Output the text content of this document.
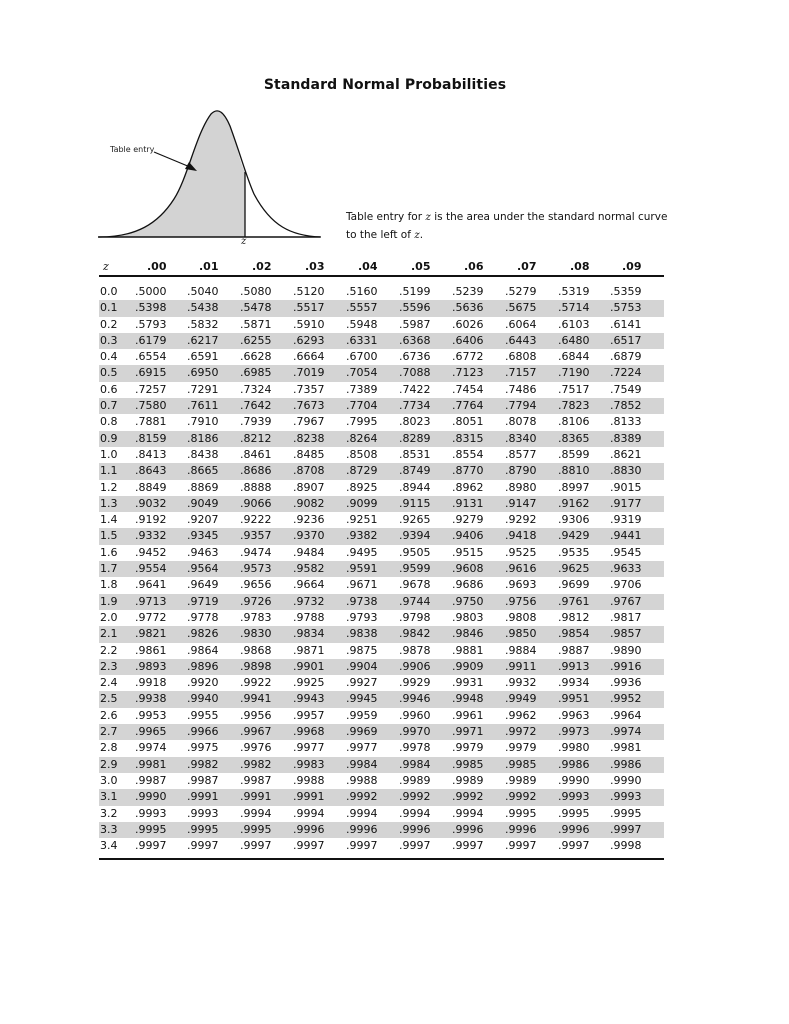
Standard Normal Probabilities
Table entry
z
Table entry for z is the area under the standard normal curve
to the left of z.
z	.00	.01	.02	.03	.04	.05	.06	.07	.08	.09
0.0 .5000 .5040 .5080 .5120 .5160 .5199 .5239 .5279 .5319 .5359
0.1 .5398 .5438 .5478 .5517 .5557 .5596 .5636 .5675 .5714 .5753
0.2 .5793 .5832 .5871 .5910 .5948 .5987 .6026 .6064 .6103 .6141
0.3 .6179 .6217 .6255 .6293 .6331 .6368 .6406 .6443 .6480 .6517
0.4 .6554 .6591 .6628 .6664 .6700 .6736 .6772 .6808 .6844 .6879
0.5 .6915 .6950 .6985 .7019 .7054 .7088 .7123 .7157 .7190 .7224
0.6 .7257 .7291 .7324 .7357 .7389 .7422 .7454 .7486 .7517 .7549
0.7 .7580 .7611 .7642 .7673 .7704 .7734 .7764 .7794 .7823 .7852
0.8 .7881 .7910 .7939 .7967 .7995 .8023 .8051 .8078 .8106 .8133
0.9 .8159 .8186 .8212 .8238 .8264 .8289 .8315 .8340 .8365 .8389
1.0 .8413 .8438 .8461 .8485 .8508 .8531 .8554 .8577 .8599 .8621
1.1 .8643 .8665 .8686 .8708 .8729 .8749 .8770 .8790 .8810 .8830
1.2 .8849 .8869 .8888 .8907 .8925 .8944 .8962 .8980 .8997 .9015
1.3 .9032 .9049 .9066 .9082 .9099 .9115 .9131 .9147 .9162 .9177
1.4 .9192 .9207 .9222 .9236 .9251 .9265 .9279 .9292 .9306 .9319
1.5 .9332 .9345 .9357 .9370 .9382 .9394 .9406 .9418 .9429 .9441
1.6 .9452 .9463 .9474 .9484 .9495 .9505 .9515 .9525 .9535 .9545
1.7 .9554 .9564 .9573 .9582 .9591 .9599 .9608 .9616 .9625 .9633
1.8 .9641 .9649 .9656 .9664 .9671 .9678 .9686 .9693 .9699 .9706
1.9 .9713 .9719 .9726 .9732 .9738 .9744 .9750 .9756 .9761 .9767
2.0 .9772 .9778 .9783 .9788 .9793 .9798 .9803 .9808 .9812 .9817
2.1 .9821 .9826 .9830 .9834 .9838 .9842 .9846 .9850 .9854 .9857
2.2 .9861 .9864 .9868 .9871 .9875 .9878 .9881 .9884 .9887 .9890
2.3 .9893 .9896 .9898 .9901 .9904 .9906 .9909 .9911 .9913 .9916
2.4 .9918 .9920 .9922 .9925 .9927 .9929 .9931 .9932 .9934 .9936
2.5 .9938 .9940 .9941 .9943 .9945 .9946 .9948 .9949 .9951 .9952
2.6 .9953 .9955 .9956 .9957 .9959 .9960 .9961 .9962 .9963 .9964
2.7 .9965 .9966 .9967 .9968 .9969 .9970 .9971 .9972 .9973 .9974
2.8 .9974 .9975 .9976 .9977 .9977 .9978 .9979 .9979 .9980 .9981
2.9 .9981 .9982 .9982 .9983 .9984 .9984 .9985 .9985 .9986 .9986
3.0 .9987 .9987 .9987 .9988 .9988 .9989 .9989 .9989 .9990 .9990
3.1 .9990 .9991 .9991 .9991 .9992 .9992 .9992 .9992 .9993 .9993
3.2 .9993 .9993 .9994 .9994 .9994 .9994 .9994 .9995 .9995 .9995
3.3 .9995 .9995 .9995 .9996 .9996 .9996 .9996 .9996 .9996 .9997
3.4 .9997 .9997 .9997 .9997 .9997 .9997 .9997 .9997 .9997 .9998
